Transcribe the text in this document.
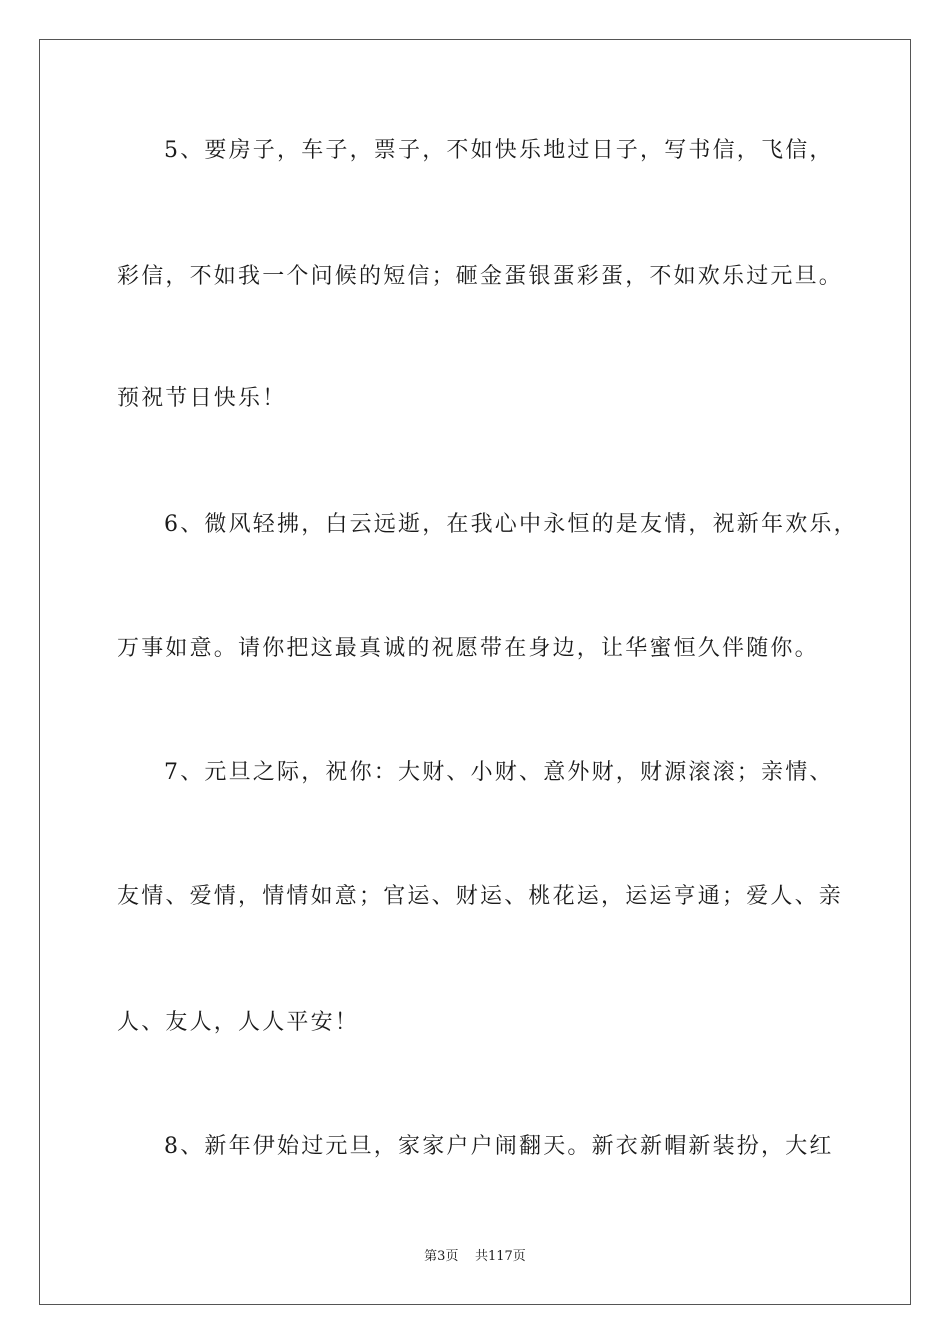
5、要房子，车子，票子，不如快乐地过日子，写书信，飞信，
彩信，不如我一个问候的短信；砸金蛋银蛋彩蛋，不如欢乐过元旦。
预祝节日快乐！
6、微风轻拂，白云远逝，在我心中永恒的是友情，祝新年欢乐，
万事如意。请你把这最真诚的祝愿带在身边，让华蜜恒久伴随你。
7、元旦之际，祝你：大财、小财、意外财，财源滚滚；亲情、
友情、爱情，情情如意；官运、财运、桃花运，运运亨通；爱人、亲
人、友人，人人平安！
8、新年伊始过元旦，家家户户闹翻天。新衣新帽新装扮，大红
第3页 共117页
